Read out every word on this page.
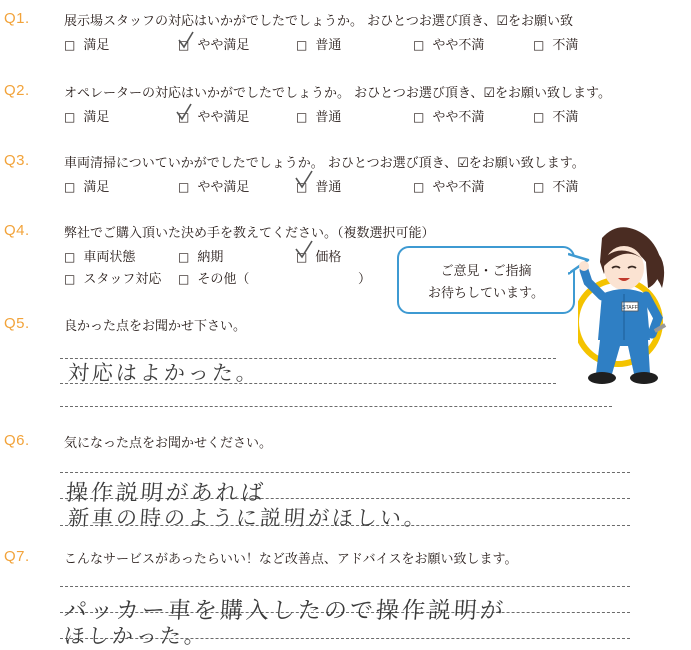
Q1.	展示場スタッフの対応はいかがでしたでしょうか。 おひとつお選び頂き、☑をお願い致
□ 満足	□ やや満足	□ 普通	□ やや不満	□ 不満
Q2.	オペレーターの対応はいかがでしたでしょうか。 おひとつお選び頂き、☑をお願い致します。
□ 満足	□ やや満足	□ 普通	□ やや不満	□ 不満
Q3.	車両清掃についていかがでしたでしょうか。 おひとつお選び頂き、☑をお願い致します。
□ 満足	□ やや満足	□ 普通	□ やや不満	□ 不満
Q4.	弊社でご購入頂いた決め手を教えてください。（複数選択可能）
□ 車両状態	□ 納期	□ 価格
□ スタッフ対応 □ その他（	）
ご意見・ご指摘
お待ちしています。
STAFF
Q5.	良かった点をお聞かせ下さい。
対応はよかった。
Q6.	気になった点をお聞かせください。
操作説明があれば
新車の時のように説明がほしい。
Q7.	こんなサービスがあったらいい！など改善点、アドバイスをお願い致します。
パッカー車を購入したので操作説明が
ほしかった。
